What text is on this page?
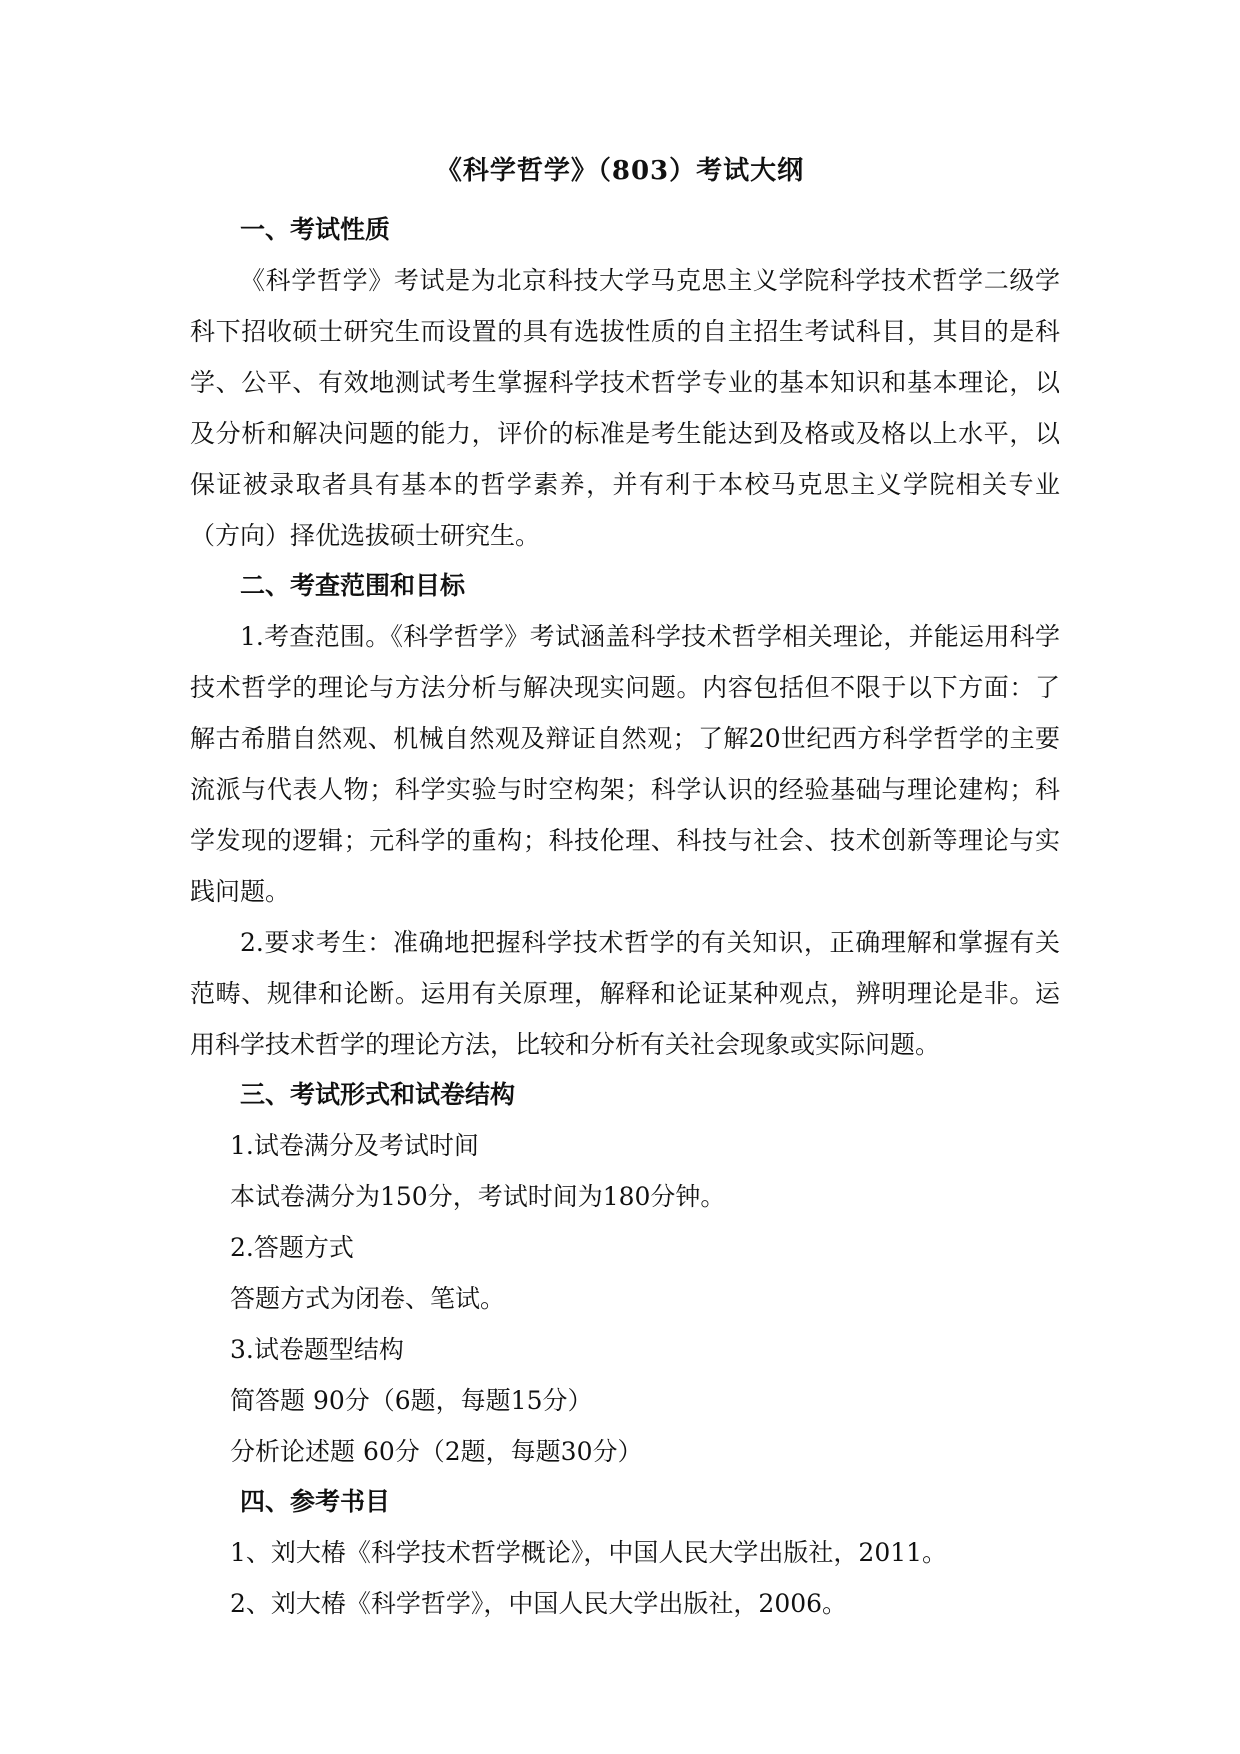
《科学哲学》（803）考试大纲
一、考试性质

《科学哲学》考试是为北京科技大学马克思主义学院科学技术哲学二级学科下招收硕士研究生而设置的具有选拔性质的自主招生考试科目，其目的是科学、公平、有效地测试考生掌握科学技术哲学专业的基本知识和基本理论，以及分析和解决问题的能力，评价的标准是考生能达到及格或及格以上水平，以保证被录取者具有基本的哲学素养，并有利于本校马克思主义学院相关专业（方向）择优选拔硕士研究生。

二、考查范围和目标

1.考查范围。《科学哲学》考试涵盖科学技术哲学相关理论，并能运用科学技术哲学的理论与方法分析与解决现实问题。内容包括但不限于以下方面：了解古希腊自然观、机械自然观及辩证自然观；了解20世纪西方科学哲学的主要流派与代表人物；科学实验与时空构架；科学认识的经验基础与理论建构；科学发现的逻辑；元科学的重构；科技伦理、科技与社会、技术创新等理论与实践问题。

2.要求考生：准确地把握科学技术哲学的有关知识，正确理解和掌握有关范畴、规律和论断。运用有关原理，解释和论证某种观点，辨明理论是非。运用科学技术哲学的理论方法，比较和分析有关社会现象或实际问题。

三、考试形式和试卷结构

1.试卷满分及考试时间

本试卷满分为150分，考试时间为180分钟。

2.答题方式

答题方式为闭卷、笔试。

3.试卷题型结构

简答题 90分（6题，每题15分）

分析论述题 60分（2题，每题30分）

四、参考书目

1、刘大椿《科学技术哲学概论》，中国人民大学出版社，2011。

2、刘大椿《科学哲学》，中国人民大学出版社，2006。
